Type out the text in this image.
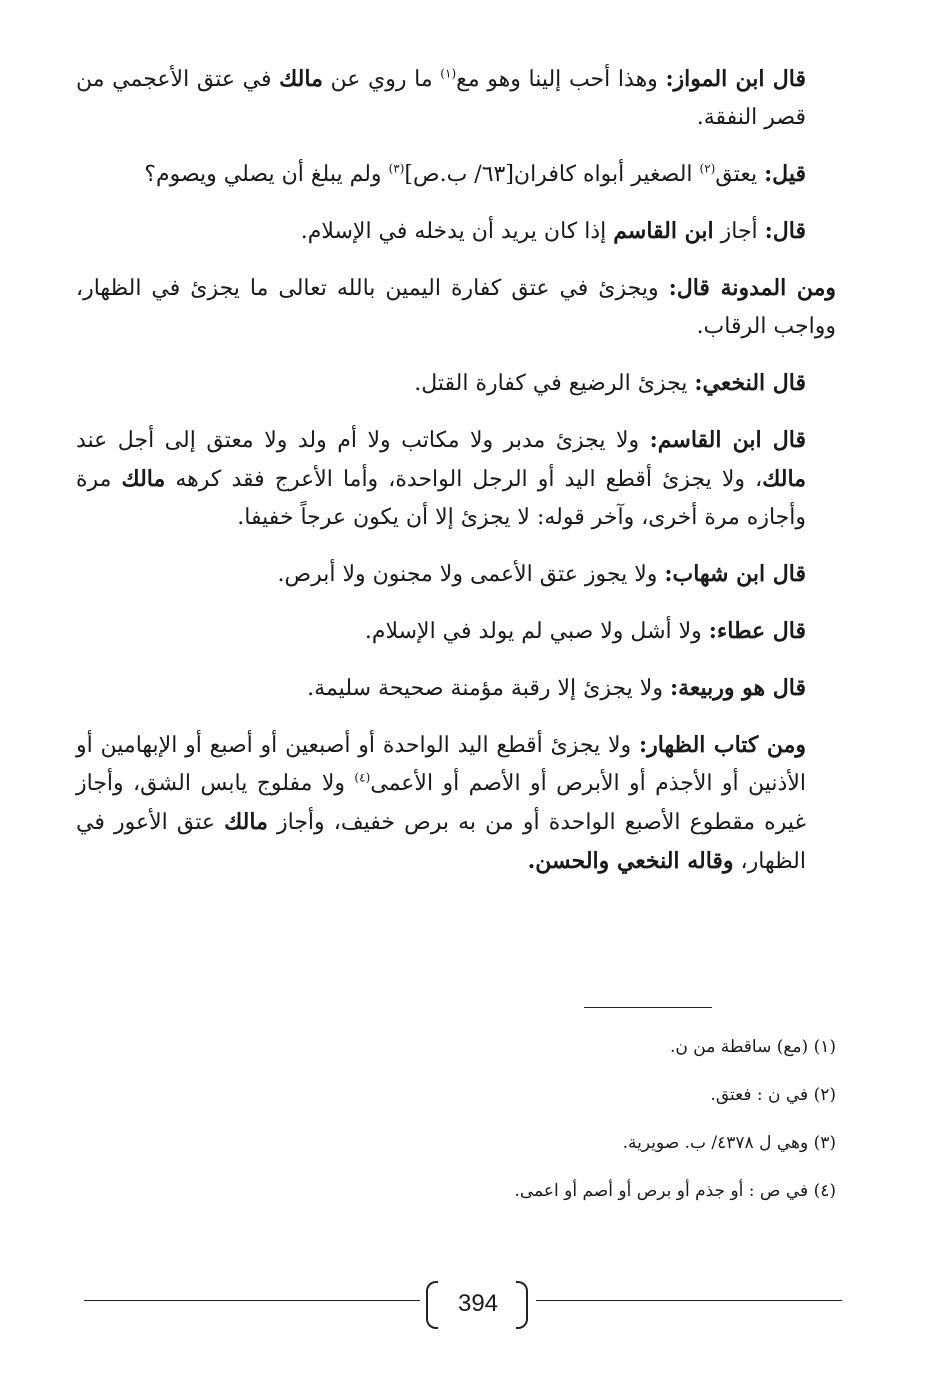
قال ابن المواز: وهذا أحب إلينا وهو مع$^{(١)}$ ما روي عن مالك في عتق الأعجمي من قصر النفقة.

قيل: يعتق$^{(٢)}$ الصغير أبواه كافران[٦٣/ ب.ص]$^{(٣)}$ ولم يبلغ أن يصلي ويصوم؟

قال: أجاز ابن القاسم إذا كان يريد أن يدخله في الإسلام.

ومن المدونة قال: ويجزئ في عتق كفارة اليمين بالله تعالى ما يجزئ في الظهار، وواجب الرقاب.

قال النخعي: يجزئ الرضيع في كفارة القتل.

قال ابن القاسم: ولا يجزئ مدبر ولا مكاتب ولا أم ولد ولا معتق إلى أجل عند مالك، ولا يجزئ أقطع اليد أو الرجل الواحدة، وأما الأعرج فقد كرهه مالك مرة وأجازه مرة أخرى، وآخر قوله: لا يجزئ إلا أن يكون عرجاً خفيفا.

قال ابن شهاب: ولا يجوز عتق الأعمى ولا مجنون ولا أبرص.

قال عطاء: ولا أشل ولا صبي لم يولد في الإسلام.

قال هو وربيعة: ولا يجزئ إلا رقبة مؤمنة صحيحة سليمة.

ومن كتاب الظهار: ولا يجزئ أقطع اليد الواحدة أو أصبعين أو أصبع أو الإبهامين أو الأذنين أو الأجذم أو الأبرص أو الأصم أو الأعمى$^{(٤)}$ ولا مفلوج يابس الشق، وأجاز غيره مقطوع الأصبع الواحدة أو من به برص خفيف، وأجاز مالك عتق الأعور في الظهار، وقاله النخعي والحسن.

(١) (مع) ساقطة من ن.
(٢) في ن : فعتق.
(٣) وهي ل ٤٣٧٨/ ب. صويرية.
(٤) في ص : أو جذم أو برص أو أصم أو اعمى.
394
